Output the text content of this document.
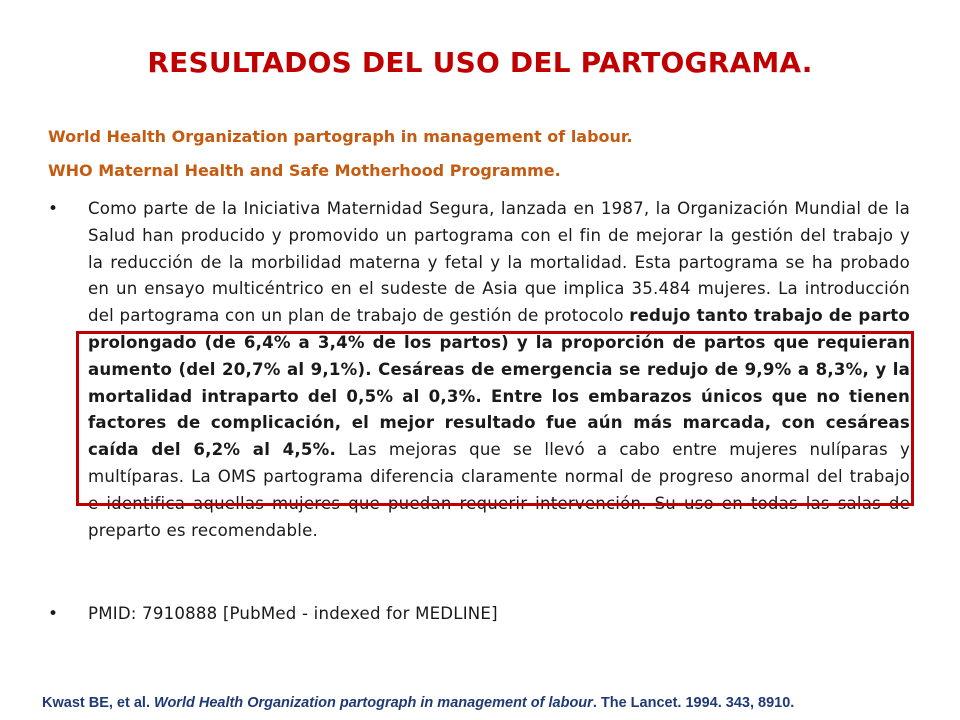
RESULTADOS DEL USO DEL PARTOGRAMA.
World Health Organization partograph in management of labour.
WHO Maternal Health and Safe Motherhood Programme.
• Como parte de la Iniciativa Maternidad Segura, lanzada en 1987, la Organización Mundial de la Salud han producido y promovido un partograma con el fin de mejorar la gestión del trabajo y la reducción de la morbilidad materna y fetal y la mortalidad. Esta partograma se ha probado en un ensayo multicéntrico en el sudeste de Asia que implica 35.484 mujeres. La introducción del partograma con un plan de trabajo de gestión de protocolo redujo tanto trabajo de parto prolongado (de 6,4% a 3,4% de los partos) y la proporción de partos que requieran aumento (del 20,7% al 9,1%). Cesáreas de emergencia se redujo de 9,9% a 8,3%, y la mortalidad intraparto del 0,5% al 0,3%. Entre los embarazos únicos que no tienen factores de complicación, el mejor resultado fue aún más marcada, con cesáreas caída del 6,2% al 4,5%. Las mejoras que se llevó a cabo entre mujeres nulíparas y multíparas. La OMS partograma diferencia claramente normal de progreso anormal del trabajo e identifica aquellas mujeres que puedan requerir intervención. Su uso en todas las salas de preparto es recomendable.
• PMID: 7910888 [PubMed - indexed for MEDLINE]
Kwast BE, et al. World Health Organization partograph in management of labour. The Lancet. 1994. 343, 8910.
